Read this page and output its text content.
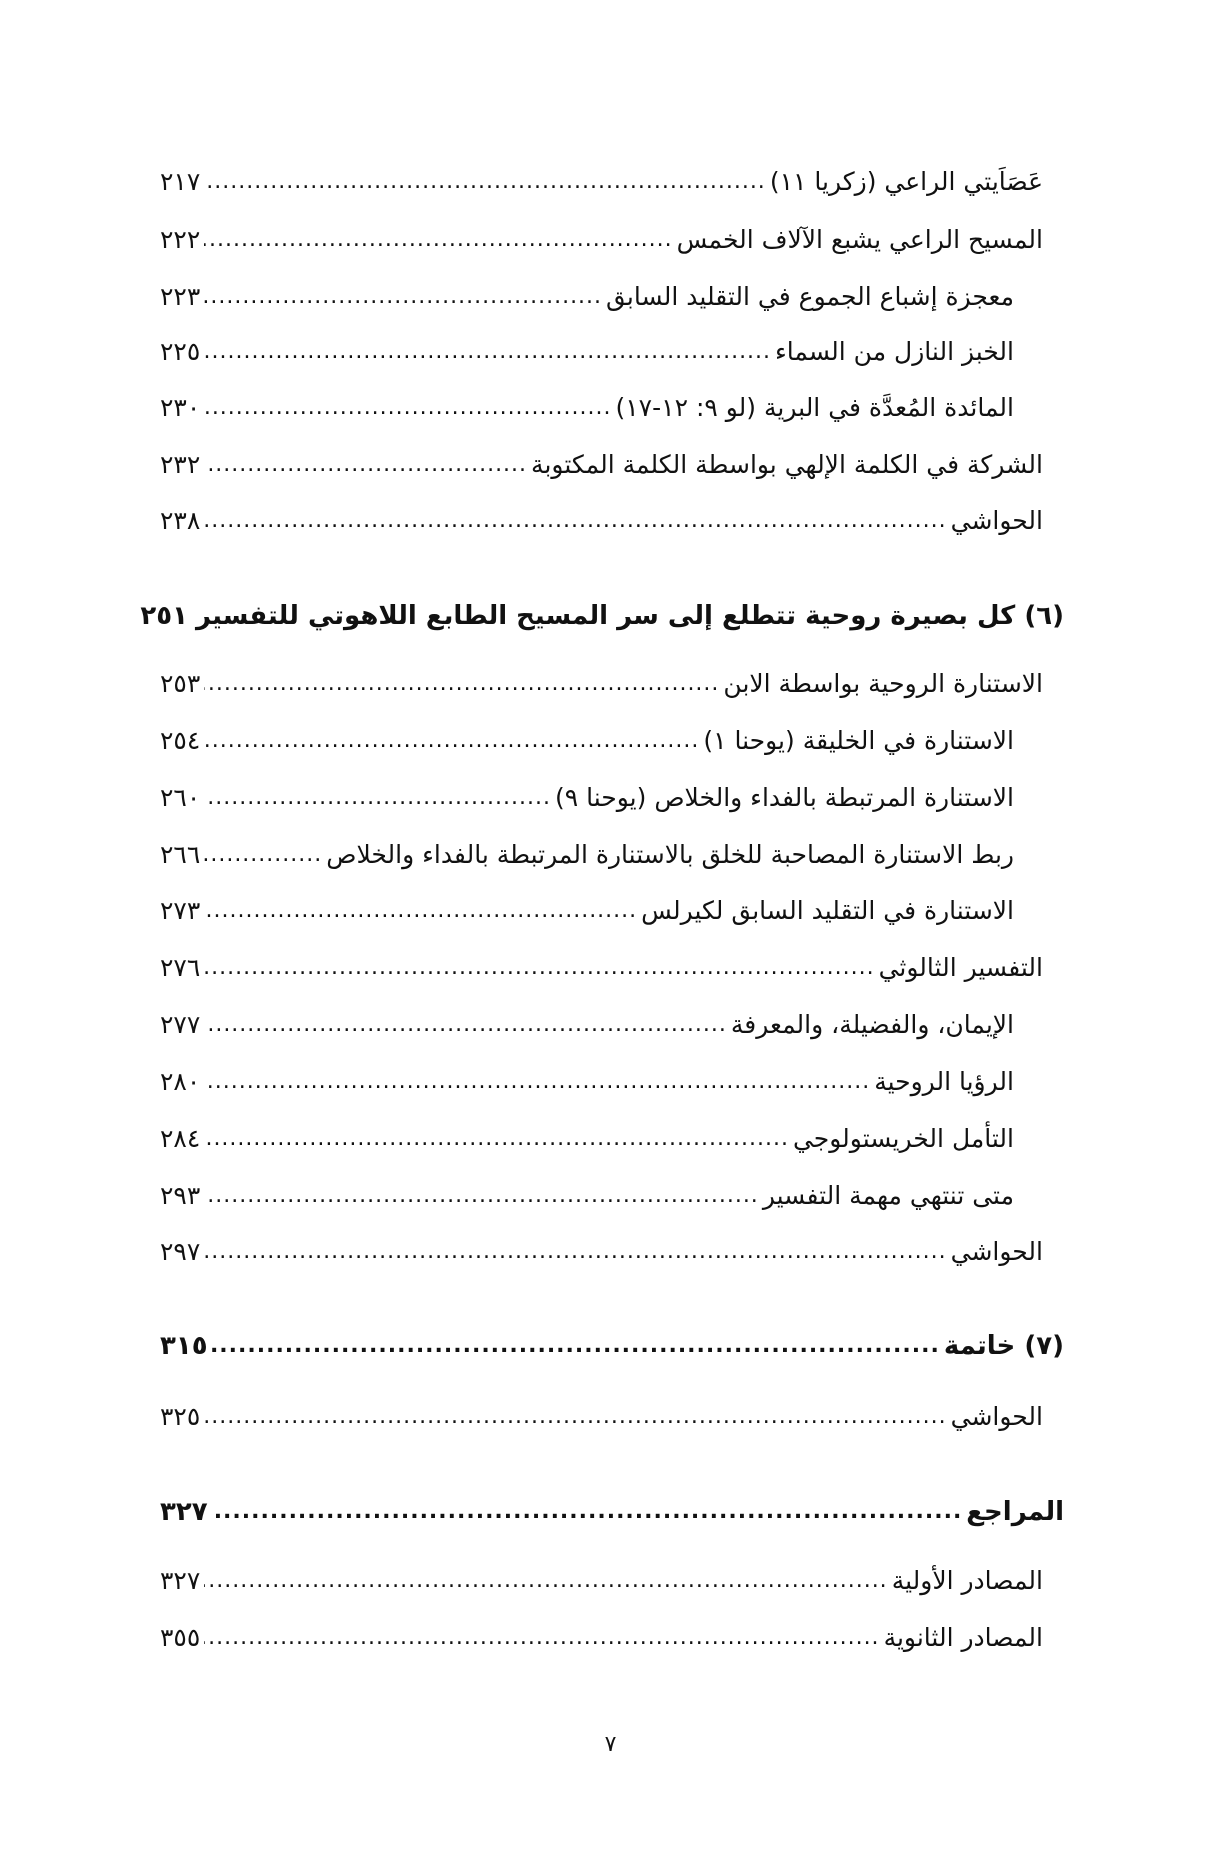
عَصَاَيتي الراعي (زكريا ١١)
.....
٢١٧
المسيح الراعي يشبع الآلاف الخمس
.....
٢٢٢
معجزة إشباع الجموع في التقليد السابق
.....
٢٢٣
الخبز النازل من السماء
.....
٢٢٥
المائدة المُعدَّة في البرية (لو ٩: ١٢-١٧)
.....
٢٣٠
الشركة في الكلمة الإلهي بواسطة الكلمة المكتوبة
.....
٢٣٢
الحواشي
.....
٢٣٨
(٦) كل بصيرة روحية تتطلع إلى سر المسيح الطابع اللاهوتي للتفسير
٢٥١
الاستنارة الروحية بواسطة الابن
.....
٢٥٣
الاستنارة في الخليقة (يوحنا ١)
.....
٢٥٤
الاستنارة المرتبطة بالفداء والخلاص (يوحنا ٩)
.....
٢٦٠
ربط الاستنارة المصاحبة للخلق بالاستنارة المرتبطة بالفداء والخلاص
.....
٢٦٦
الاستنارة في التقليد السابق لكيرلس
.....
٢٧٣
التفسير الثالوثي
.....
٢٧٦
الإيمان، والفضيلة، والمعرفة
.....
٢٧٧
الرؤيا الروحية
.....
٢٨٠
التأمل الخريستولوجي
.....
٢٨٤
متى تنتهي مهمة التفسير
.....
٢٩٣
الحواشي
.....
٢٩٧
(٧) خاتمة
.....
٣١٥
الحواشي
.....
٣٢٥
المراجع
.....
٣٢٧
المصادر الأولية
.....
٣٢٧
المصادر الثانوية
.....
٣٥٥
٧
